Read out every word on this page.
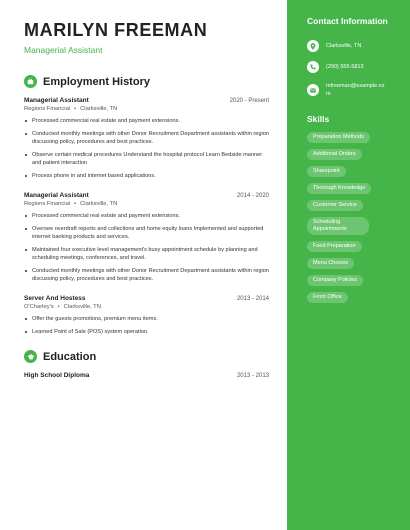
MARILYN FREEMAN
Managerial Assistant
Employment History
Managerial Assistant	2020 - Present
Regions Financial • Clarksville, TN
Processed commercial real estate and payment extensions.
Conducted monthly meetings with other Donor Recruitment Department assistants within region discussing policy, procedures and best practices.
Observe certain medical procedures Understand the hospital protocol Learn Bedside manner and patient interaction
Process phone in and internet based applications.
Managerial Assistant	2014 - 2020
Regions Financial • Clarksville, TN
Processed commercial real estate and payment extensions.
Oversee overdraft reports and collections and home equity loans Implemented and supported internet banking products and services.
Maintained four executive level management's busy appointment schedule by planning and scheduling meetings, conferences, and travel.
Conducted monthly meetings with other Donor Recruitment Department assistants within region discussing policy, procedures and best practices.
Server And Hostess	2013 - 2014
O'Charley's • Clarksville, TN
Offer the guests promotions, premium menu items.
Learned Point of Sale (POS) system operation.
Education
High School Diploma	2013 - 2013
Contact Information
Clarksville, TN
(290) 555-5813
mfreeman@example.com
Skills
Preparation Methods
Additional Orders
Sharepoint
Thorough Knowledge
Customer Service
Scheduling Appointments
Food Preparation
Menu Choices
Company Policies
Front Office
